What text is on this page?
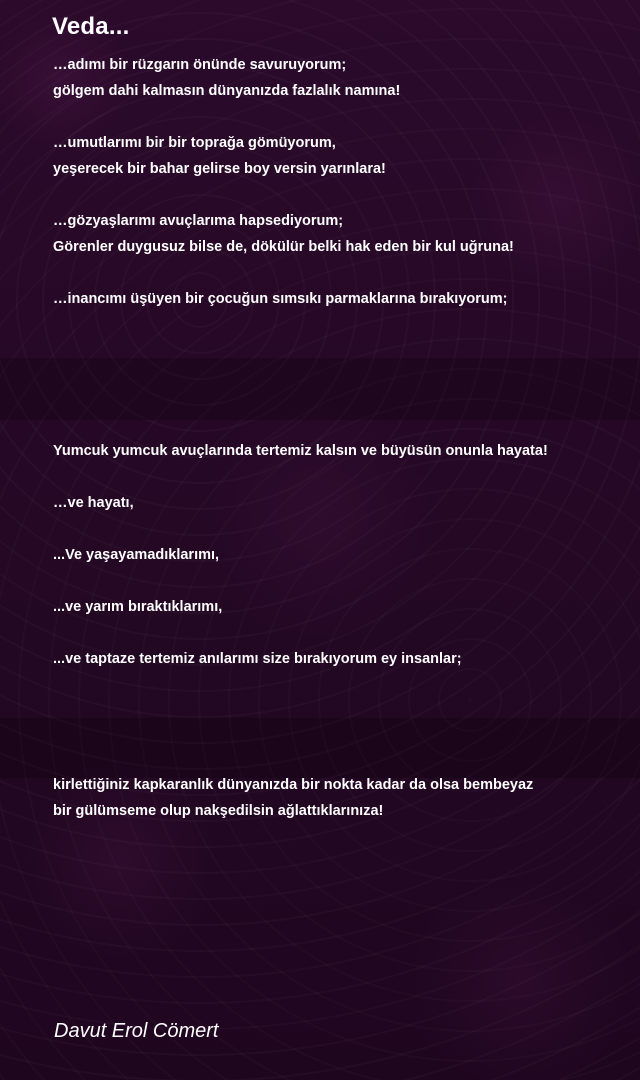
Veda...
…adımı bir rüzgarın önünde savuruyorum;
gölgem dahi kalmasın dünyanızda fazlalık namına!
…umutlarımı bir bir toprağa gömüyorum,
yeşerecek bir bahar gelirse boy versin yarınlara!
…gözyaşlarımı avuçlarıma hapsediyorum;
Görenler duygusuz bilse de, dökülür belki hak eden bir kul uğruna!
…inancımı üşüyen bir çocuğun sımsıkı parmaklarına bırakıyorum;
Yumcuk yumcuk avuçlarında tertemiz kalsın ve büyüsün onunla hayata!
…ve hayatı,
...Ve yaşayamadıklarımı,
...ve yarım bıraktıklarımı,
...ve taptaze tertemiz anılarımı size bırakıyorum ey insanlar;
kirlettiğiniz kapkaranlık dünyanızda bir nokta kadar da olsa bembeyaz
bir gülümseme olup nakşedilsin ağlattıklarınıza!
Davut Erol Cömert
